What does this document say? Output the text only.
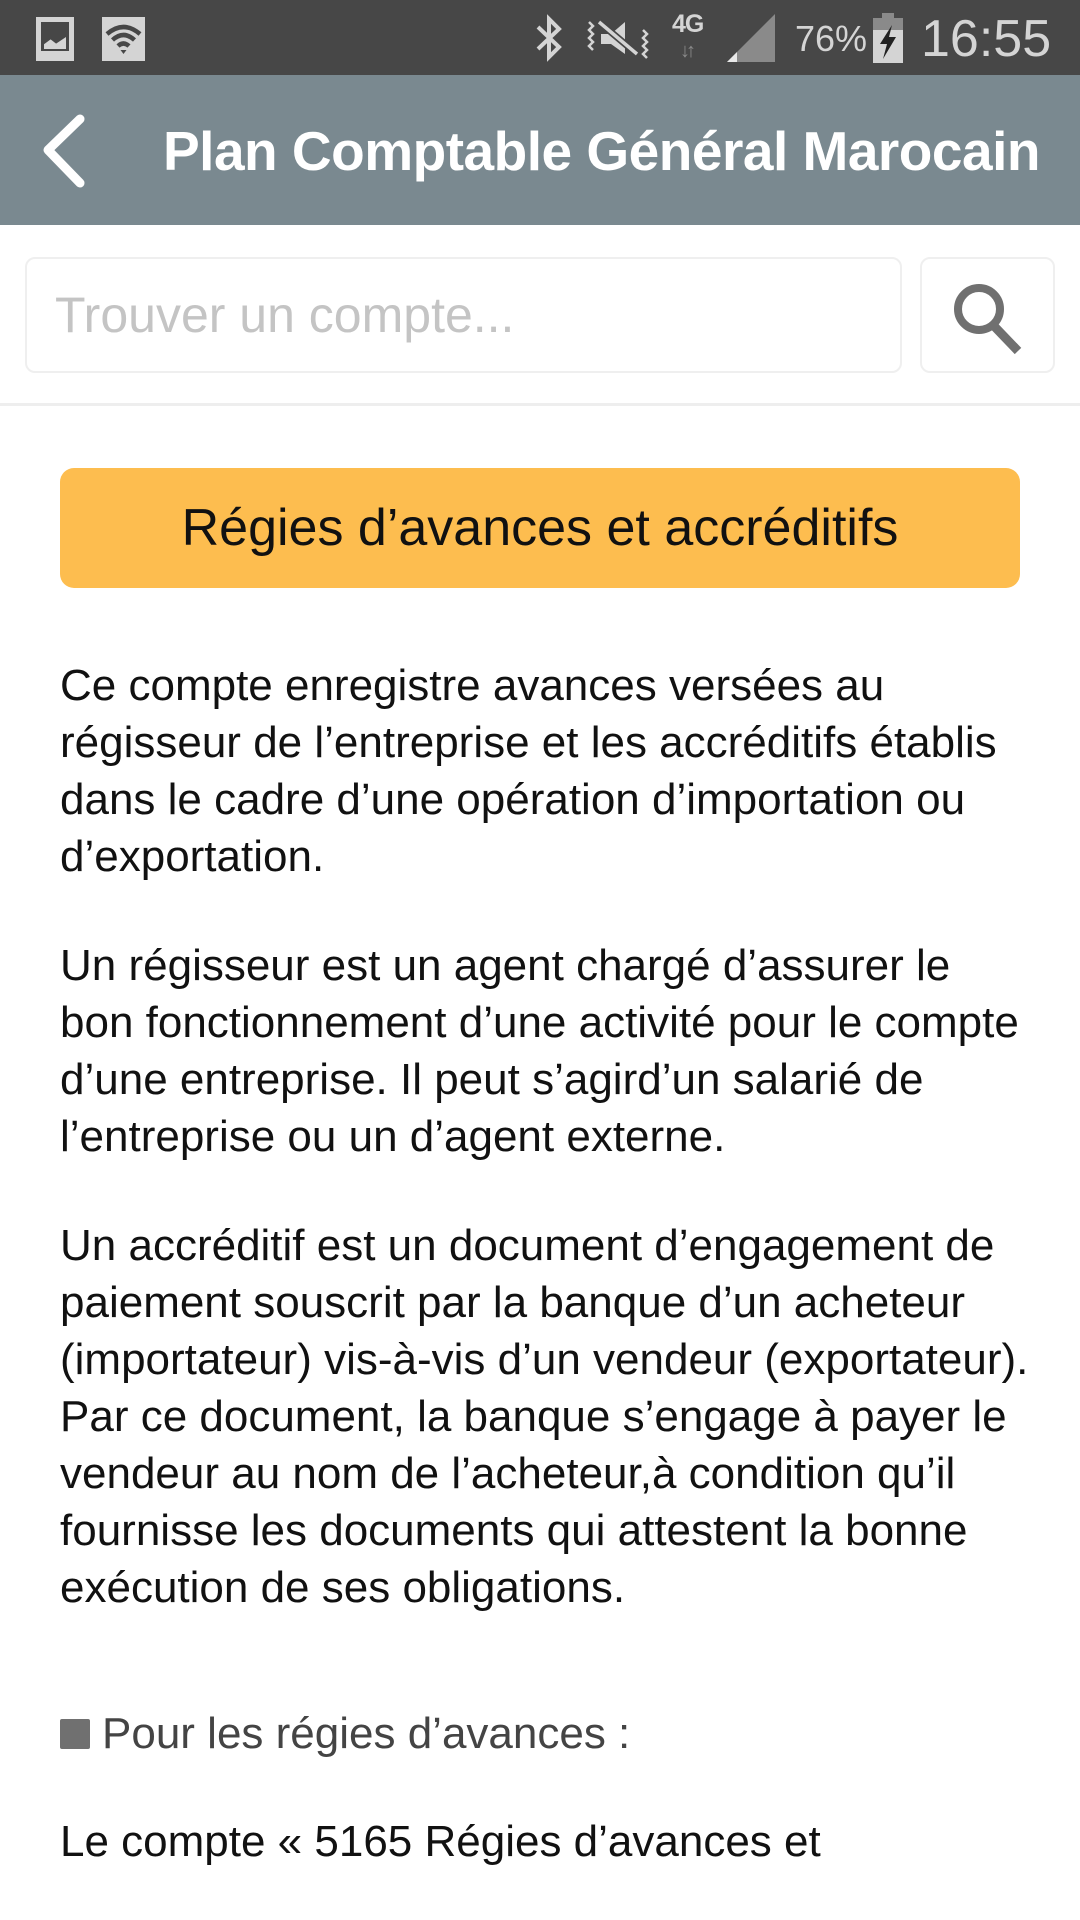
4G
↓↑	76% 16:55
Plan Comptable Général Marocain
Trouver un compte...
Régies d’avances et accréditifs

Ce compte enregistre avances versées au régisseur de l’entreprise et les accréditifs établis dans le cadre d’une opération d’importation ou d’exportation.

Un régisseur est un agent chargé d’assurer le bon fonctionnement d’une activité pour le compte d’une entreprise. Il peut s’agird’un salarié de l’entreprise ou un d’agent externe.

Un accréditif est un document d’engagement de paiement souscrit par la banque d’un acheteur (importateur) vis-à-vis d’un vendeur (exportateur). Par ce document, la banque s’engage à payer le vendeur au nom de l’acheteur,à condition qu’il fournisse les documents qui attestent la bonne exécution de ses obligations.

Pour les régies d’avances :

Le compte « 5165 Régies d’avances et
